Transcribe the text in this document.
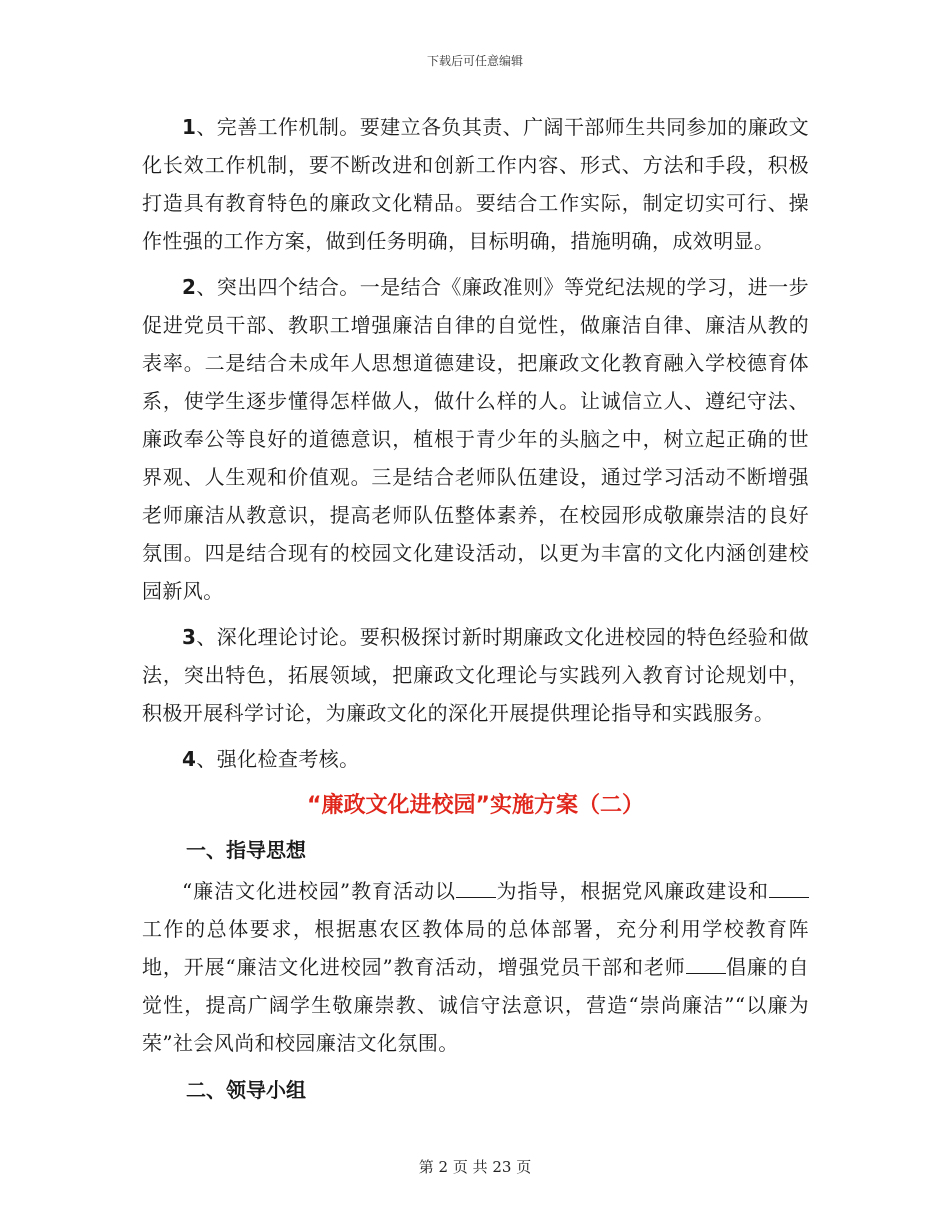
下载后可任意编辑

1、完善工作机制。要建立各负其责、广阔干部师生共同参加的廉政文化长效工作机制，要不断改进和创新工作内容、形式、方法和手段，积极打造具有教育特色的廉政文化精品。要结合工作实际，制定切实可行、操作性强的工作方案，做到任务明确，目标明确，措施明确，成效明显。

2、突出四个结合。一是结合《廉政准则》等党纪法规的学习，进一步促进党员干部、教职工增强廉洁自律的自觉性，做廉洁自律、廉洁从教的表率。二是结合未成年人思想道德建设，把廉政文化教育融入学校德育体系，使学生逐步懂得怎样做人，做什么样的人。让诚信立人、遵纪守法、廉政奉公等良好的道德意识，植根于青少年的头脑之中，树立起正确的世界观、人生观和价值观。三是结合老师队伍建设，通过学习活动不断增强老师廉洁从教意识，提高老师队伍整体素养，在校园形成敬廉崇洁的良好氛围。四是结合现有的校园文化建设活动，以更为丰富的文化内涵创建校园新风。

3、深化理论讨论。要积极探讨新时期廉政文化进校园的特色经验和做法，突出特色，拓展领域，把廉政文化理论与实践列入教育讨论规划中，积极开展科学讨论，为廉政文化的深化开展提供理论指导和实践服务。

4、强化检查考核。

“廉政文化进校园”实施方案（二）
一、指导思想

“廉洁文化进校园”教育活动以 为指导，根据党风廉政建设和工作的总体要求，根据惠农区教体局的总体部署，充分利用学校教育阵地，开展“廉洁文化进校园”教育活动，增强党员干部和老师 倡廉的自觉性，提高广阔学生敬廉崇教、诚信守法意识，营造“崇尚廉洁”“以廉为荣”社会风尚和校园廉洁文化氛围。

二、领导小组
第 2 页 共 23 页
